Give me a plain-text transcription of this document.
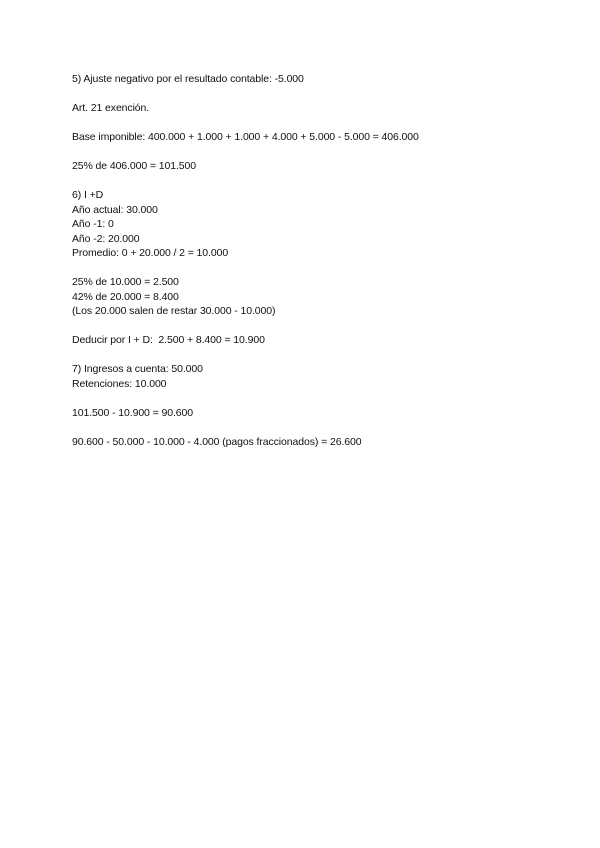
5) Ajuste negativo por el resultado contable: -5.000
Art. 21 exención.
Base imponible: 400.000 + 1.000 + 1.000 + 4.000 + 5.000 - 5.000 = 406.000
25% de 406.000 = 101.500
6) I +D
Año actual: 30.000
Año -1: 0
Año -2: 20.000
Promedio: 0 + 20.000 / 2 = 10.000
25% de 10.000 = 2.500
42% de 20.000 = 8.400
(Los 20.000 salen de restar 30.000 - 10.000)
Deducir por I + D:  2.500 + 8.400 = 10.900
7) Ingresos a cuenta: 50.000
Retenciones: 10.000
101.500 - 10.900 = 90.600
90.600 - 50.000 - 10.000 - 4.000 (pagos fraccionados) = 26.600
